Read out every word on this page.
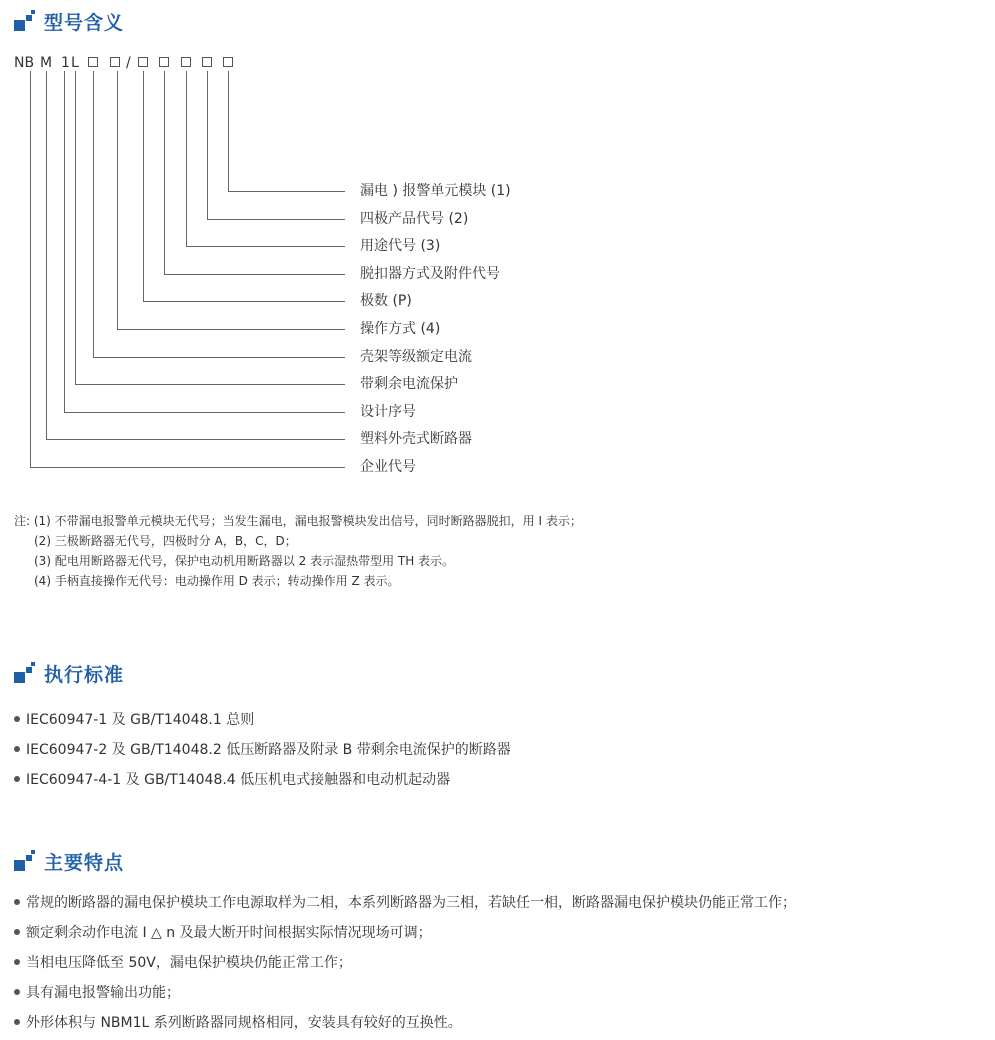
型号含义
NB M 1 L	/
漏电 ) 报警单元模块 (1)
四极产品代号 (2)
用途代号 (3)
脱扣器方式及附件代号
极数 (P)
操作方式 (4)
壳架等级额定电流
带剩余电流保护
设计序号
塑料外壳式断路器
企业代号
注: (1) 不带漏电报警单元模块无代号；当发生漏电，漏电报警模块发出信号，同时断路器脱扣，用 I 表示；
(2) 三极断路器无代号，四极时分 A，B，C，D；
(3) 配电用断路器无代号，保护电动机用断路器以 2 表示湿热带型用 TH 表示。
(4) 手柄直接操作无代号：电动操作用 D 表示；转动操作用 Z 表示。
执行标准
IEC60947-1 及 GB/T14048.1 总则
IEC60947-2 及 GB/T14048.2 低压断路器及附录 B 带剩余电流保护的断路器
IEC60947-4-1 及 GB/T14048.4 低压机电式接触器和电动机起动器
主要特点
常规的断路器的漏电保护模块工作电源取样为二相，本系列断路器为三相，若缺任一相，断路器漏电保护模块仍能正常工作；
额定剩余动作电流 I △ n 及最大断开时间根据实际情况现场可调；
当相电压降低至 50V，漏电保护模块仍能正常工作；
具有漏电报警输出功能；
外形体积与 NBM1L 系列断路器同规格相同，安装具有较好的互换性。
